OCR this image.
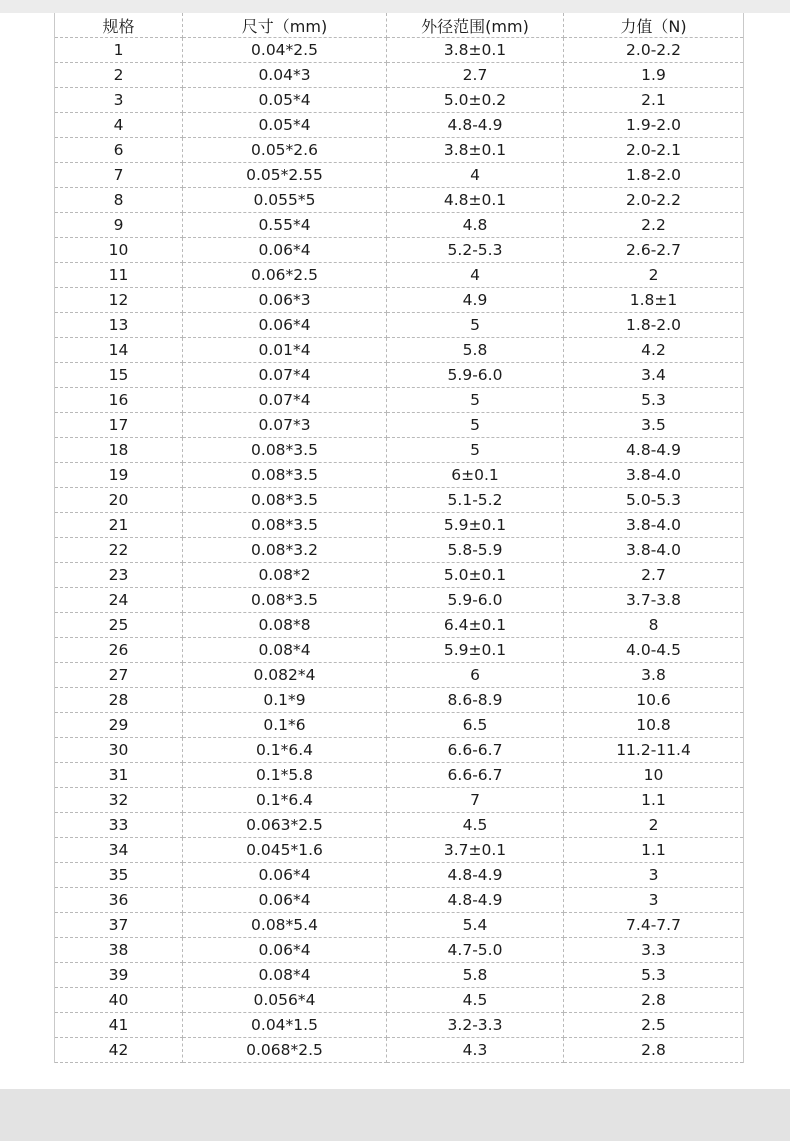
规格	尺寸（mm)	外径范围(mm)	力值（N)
1	0.04*2.5	3.8±0.1	2.0-2.2
2	0.04*3	2.7	1.9
3	0.05*4	5.0±0.2	2.1
4	0.05*4	4.8-4.9	1.9-2.0
6	0.05*2.6	3.8±0.1	2.0-2.1
7	0.05*2.55	4	1.8-2.0
8	0.055*5	4.8±0.1	2.0-2.2
9	0.55*4	4.8	2.2
10	0.06*4	5.2-5.3	2.6-2.7
11	0.06*2.5	4	2
12	0.06*3	4.9	1.8±1
13	0.06*4	5	1.8-2.0
14	0.01*4	5.8	4.2
15	0.07*4	5.9-6.0	3.4
16	0.07*4	5	5.3
17	0.07*3	5	3.5
18	0.08*3.5	5	4.8-4.9
19	0.08*3.5	6±0.1	3.8-4.0
20	0.08*3.5	5.1-5.2	5.0-5.3
21	0.08*3.5	5.9±0.1	3.8-4.0
22	0.08*3.2	5.8-5.9	3.8-4.0
23	0.08*2	5.0±0.1	2.7
24	0.08*3.5	5.9-6.0	3.7-3.8
25	0.08*8	6.4±0.1	8
26	0.08*4	5.9±0.1	4.0-4.5
27	0.082*4	6	3.8
28	0.1*9	8.6-8.9	10.6
29	0.1*6	6.5	10.8
30	0.1*6.4	6.6-6.7	11.2-11.4
31	0.1*5.8	6.6-6.7	10
32	0.1*6.4	7	1.1
33	0.063*2.5	4.5	2
34	0.045*1.6	3.7±0.1	1.1
35	0.06*4	4.8-4.9	3
36	0.06*4	4.8-4.9	3
37	0.08*5.4	5.4	7.4-7.7
38	0.06*4	4.7-5.0	3.3
39	0.08*4	5.8	5.3
40	0.056*4	4.5	2.8
41	0.04*1.5	3.2-3.3	2.5
42	0.068*2.5	4.3	2.8
